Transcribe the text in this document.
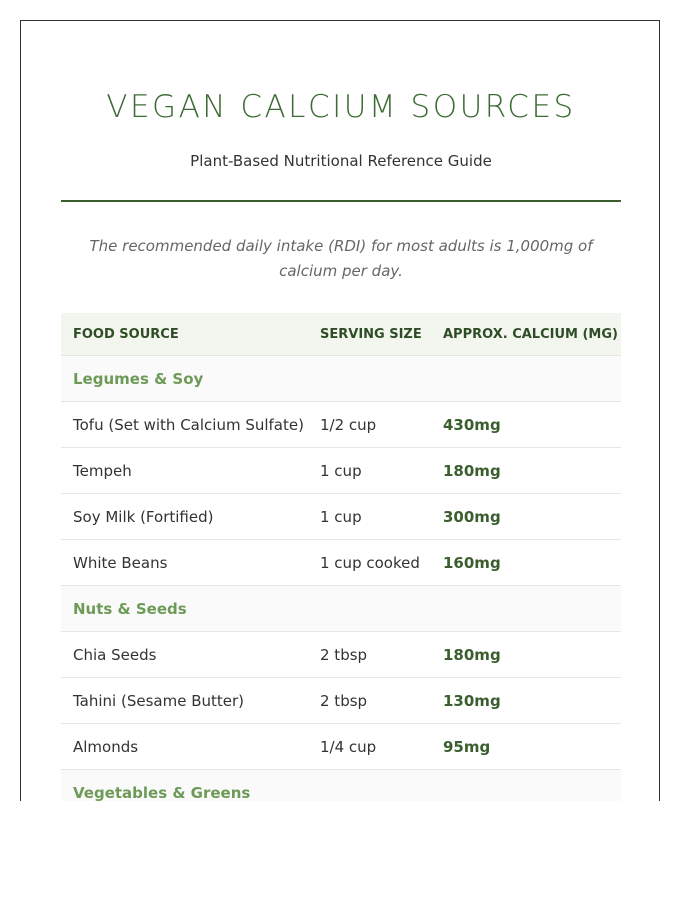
VEGAN CALCIUM SOURCES
Plant-Based Nutritional Reference Guide
The recommended daily intake (RDI) for most adults is 1,000mg of calcium per day.
FOOD SOURCE	SERVING SIZE	APPROX. CALCIUM (MG)
Legumes & Soy
Tofu (Set with Calcium Sulfate)	1/2 cup	430mg
Tempeh	1 cup	180mg
Soy Milk (Fortified)	1 cup	300mg
White Beans	1 cup cooked	160mg
Nuts & Seeds
Chia Seeds	2 tbsp	180mg
Tahini (Sesame Butter)	2 tbsp	130mg
Almonds	1/4 cup	95mg
Vegetables & Greens
